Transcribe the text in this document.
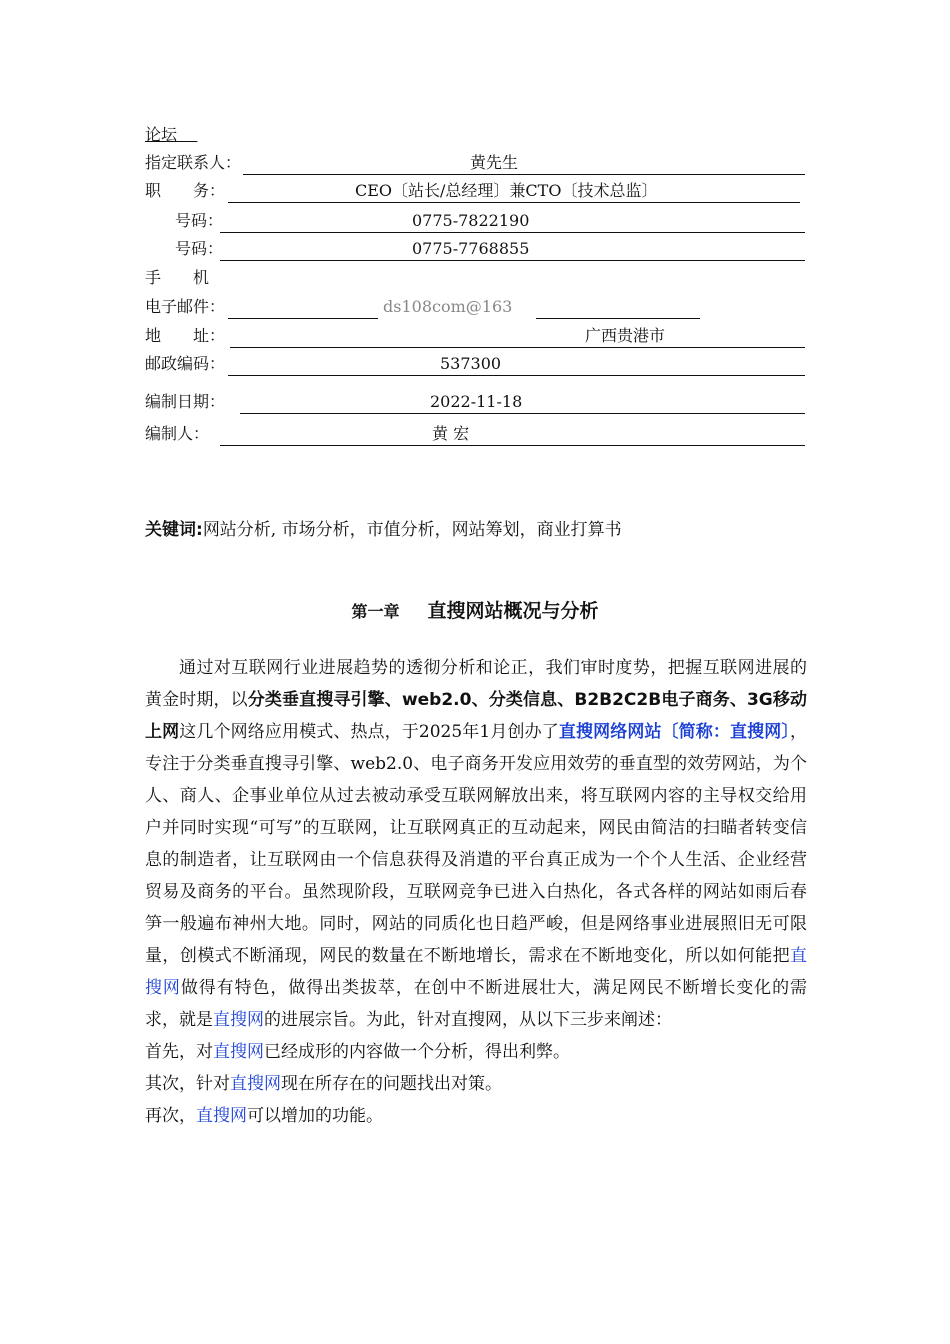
论坛
指定联系人：	黄先生
职　　务：	CEO〔站长/总经理〕兼CTO〔技术总监〕
号码：	0775-7822190
号码：	0775-7768855
手　　机
电子邮件：	ds108com@163
地　　址：	广西贵港市
邮政编码：	537300
编制日期：	2022-11-18
编制人：	黄 宏
关键词:网站分析, 市场分析，市值分析，网站筹划，商业打算书
第一章 直搜网站概况与分析

通过对互联网行业进展趋势的透彻分析和论正，我们审时度势，把握互联网进展的黄金时期，以分类垂直搜寻引擎、web2.0、分类信息、B2B2C2B电子商务、3G移动上网这几个网络应用模式、热点，于2025年1月创办了直搜网络网站〔简称：直搜网〕，专注于分类垂直搜寻引擎、web2.0、电子商务开发应用效劳的垂直型的效劳网站，为个人、商人、企事业单位从过去被动承受互联网解放出来，将互联网内容的主导权交给用户并同时实现“可写”的互联网，让互联网真正的互动起来，网民由简洁的扫瞄者转变信息的制造者，让互联网由一个信息获得及消遣的平台真正成为一个个人生活、企业经营贸易及商务的平台。虽然现阶段，互联网竞争已进入白热化，各式各样的网站如雨后春笋一般遍布神州大地。同时，网站的同质化也日趋严峻，但是网络事业进展照旧无可限量，创模式不断涌现，网民的数量在不断地增长，需求在不断地变化，所以如何能把直搜网做得有特色，做得出类拔萃，在创中不断进展壮大，满足网民不断增长变化的需求，就是直搜网的进展宗旨。为此，针对直搜网，从以下三步来阐述：

首先，对直搜网已经成形的内容做一个分析，得出利弊。

其次，针对直搜网现在所存在的问题找出对策。

再次，直搜网可以增加的功能。
